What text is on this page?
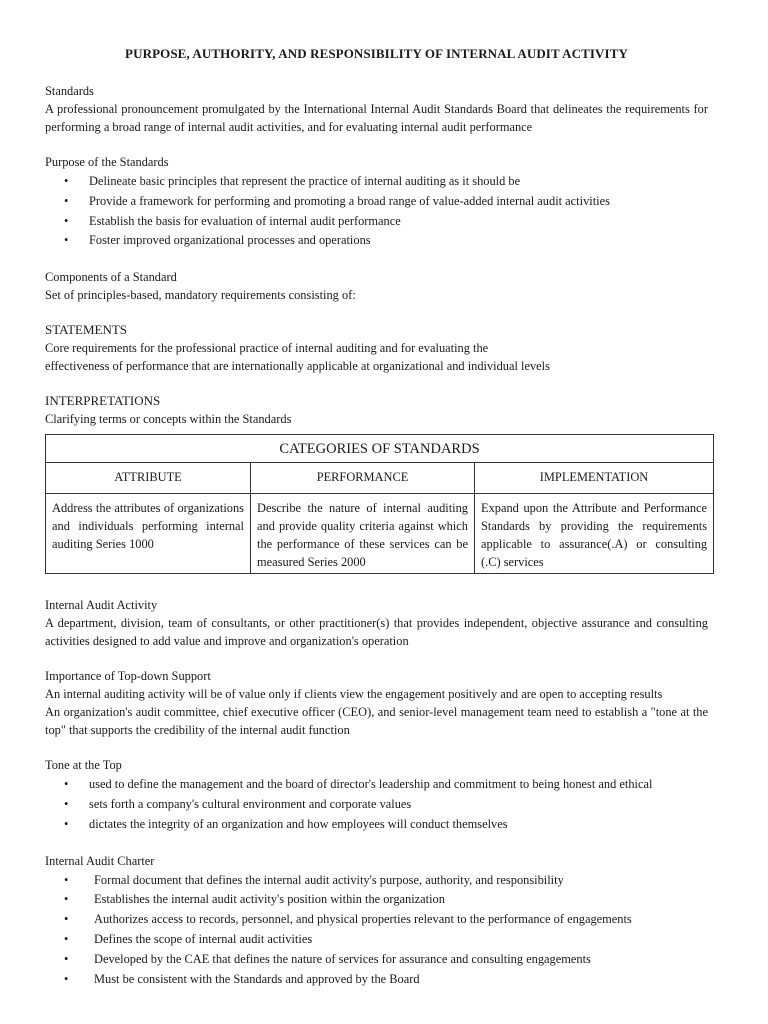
PURPOSE, AUTHORITY, AND RESPONSIBILITY OF INTERNAL AUDIT ACTIVITY

Standards

A professional pronouncement promulgated by the International Internal Audit Standards Board that delineates the requirements for performing a broad range of internal audit activities, and for evaluating internal audit performance

Purpose of the Standards

• Delineate basic principles that represent the practice of internal auditing as it should be
• Provide a framework for performing and promoting a broad range of value-added internal audit activities
• Establish the basis for evaluation of internal audit performance
• Foster improved organizational processes and operations

Components of a Standard

Set of principles-based, mandatory requirements consisting of:

STATEMENTS

Core requirements for the professional practice of internal auditing and for evaluating the

effectiveness of performance that are internationally applicable at organizational and individual levels

INTERPRETATIONS

Clarifying terms or concepts within the Standards

CATEGORIES OF STANDARDS		
ATTRIBUTE	PERFORMANCE	IMPLEMENTATION
Address the attributes of organizations and individuals performing internal auditing Series 1000	Describe the nature of internal auditing and provide quality criteria against which the performance of these services can be measured Series 2000	Expand upon the Attribute and Performance Standards by providing the requirements applicable to assurance(.A) or consulting (.C) services

Internal Audit Activity

A department, division, team of consultants, or other practitioner(s) that provides independent, objective assurance and consulting activities designed to add value and improve and organization's operation

Importance of Top-down Support

An internal auditing activity will be of value only if clients view the engagement positively and are open to accepting results

An organization's audit committee, chief executive officer (CEO), and senior-level management team need to establish a "tone at the top" that supports the credibility of the internal audit function

Tone at the Top

• used to define the management and the board of director's leadership and commitment to being honest and ethical
• sets forth a company's cultural environment and corporate values
• dictates the integrity of an organization and how employees will conduct themselves

Internal Audit Charter

• Formal document that defines the internal audit activity's purpose, authority, and responsibility
• Establishes the internal audit activity's position within the organization
• Authorizes access to records, personnel, and physical properties relevant to the performance of engagements
• Defines the scope of internal audit activities
• Developed by the CAE that defines the nature of services for assurance and consulting engagements
• Must be consistent with the Standards and approved by the Board
